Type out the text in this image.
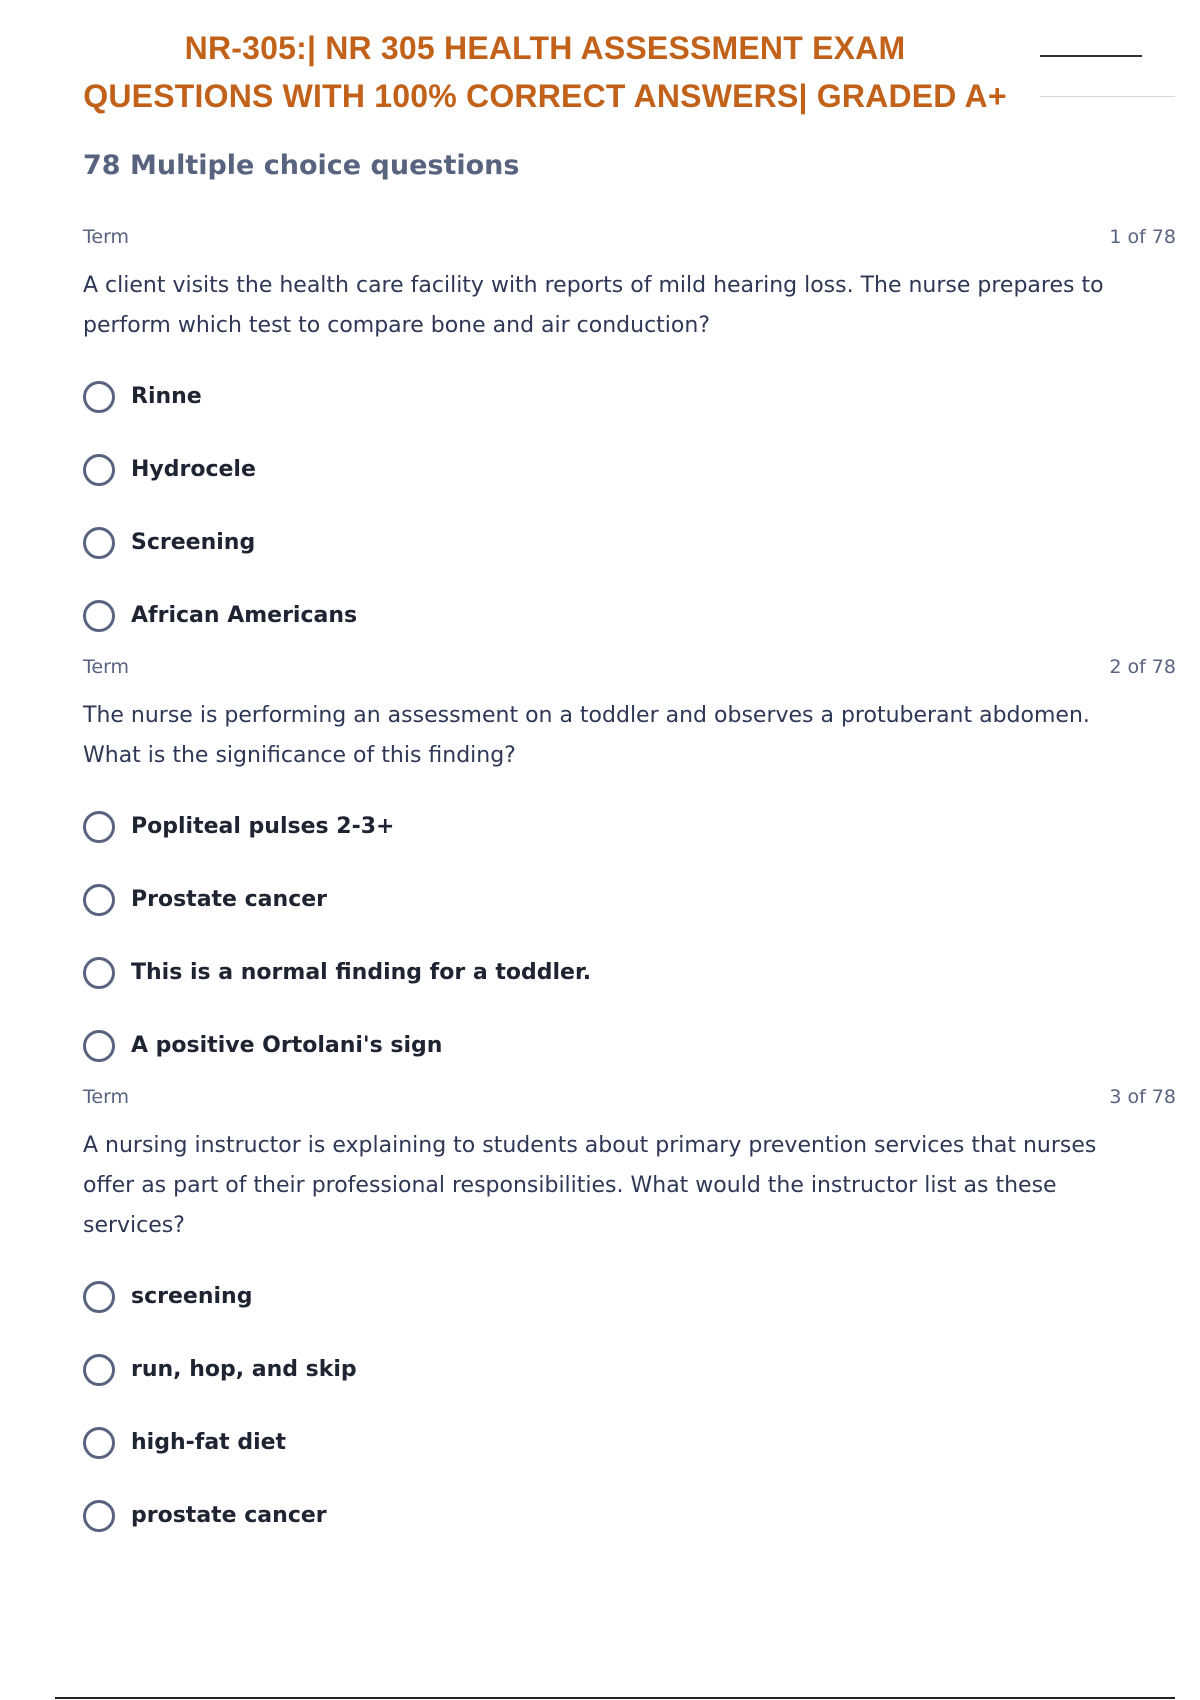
NR-305:| NR 305 HEALTH ASSESSMENT EXAM
QUESTIONS WITH 100% CORRECT ANSWERS| GRADED A+
78 Multiple choice questions
Term	1 of 78

A client visits the health care facility with reports of mild hearing loss. The nurse prepares to perform which test to compare bone and air conduction?

Rinne
Hydrocele
Screening
African Americans
Term	2 of 78

The nurse is performing an assessment on a toddler and observes a protuberant abdomen. What is the significance of this finding?

Popliteal pulses 2-3+
Prostate cancer
This is a normal finding for a toddler.
A positive Ortolani's sign
Term	3 of 78

A nursing instructor is explaining to students about primary prevention services that nurses offer as part of their professional responsibilities. What would the instructor list as these services?

screening
run, hop, and skip
high-fat diet
prostate cancer
